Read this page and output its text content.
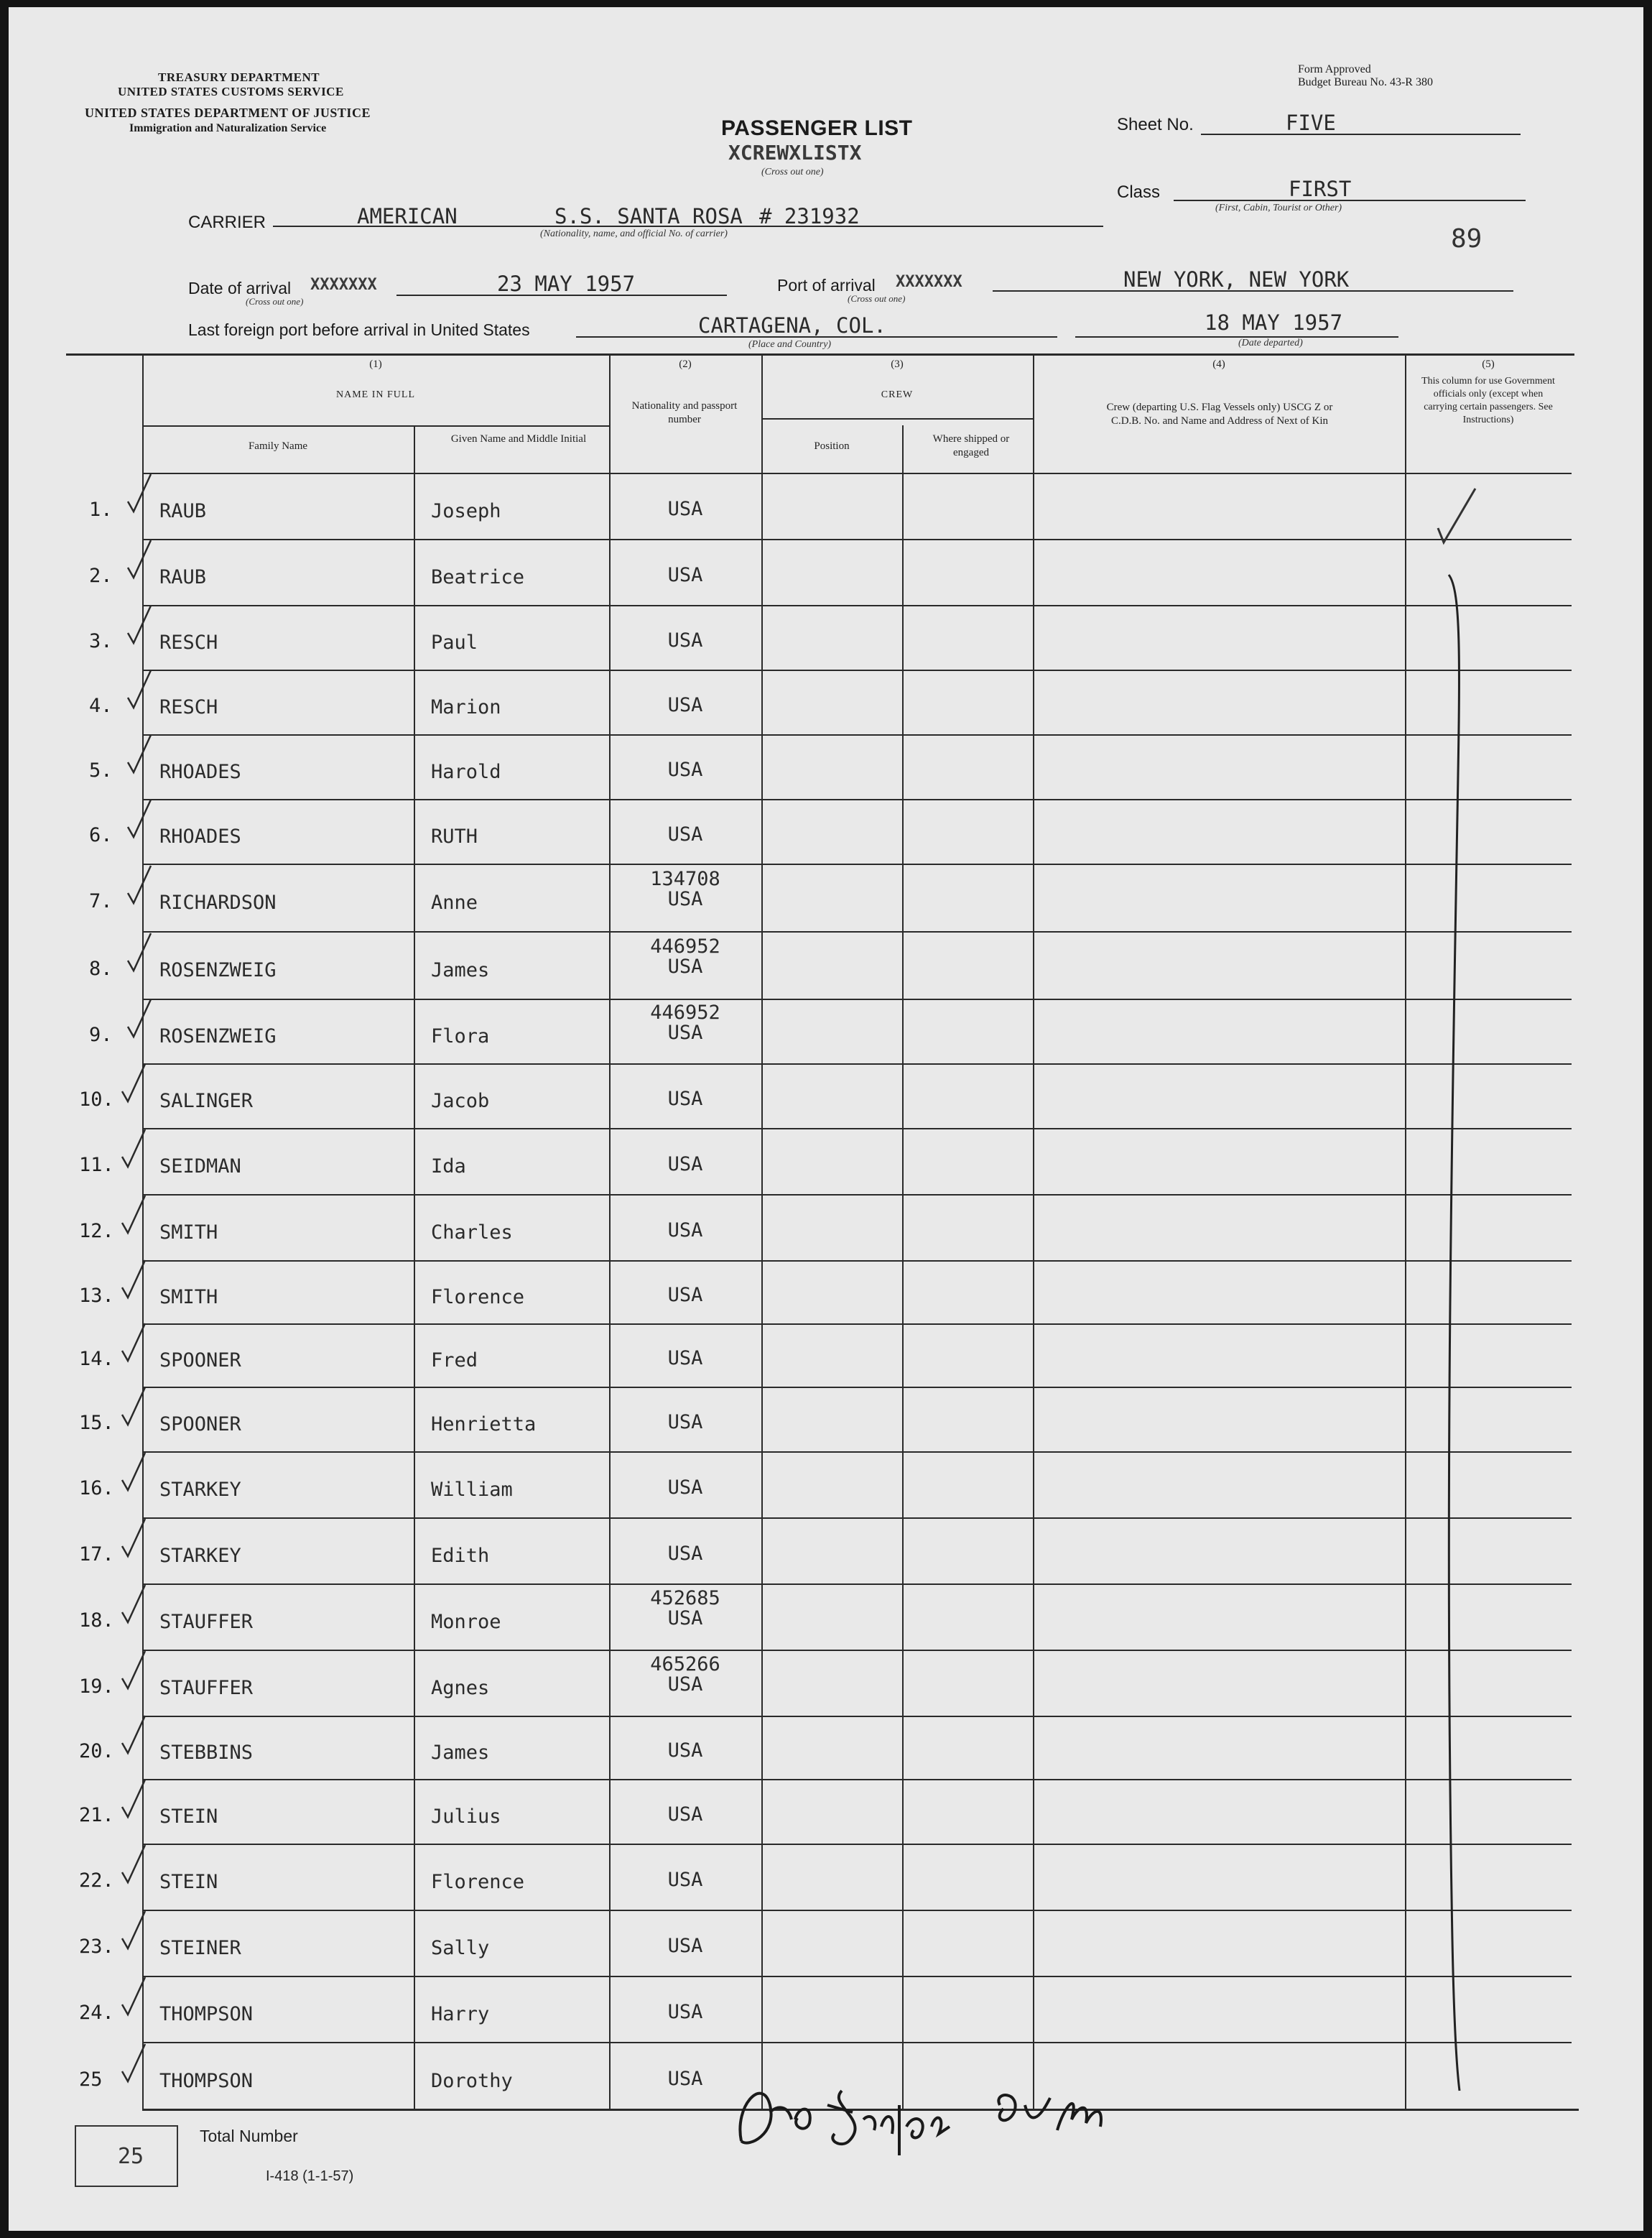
TREASURY DEPARTMENT
UNITED STATES CUSTOMS SERVICE
UNITED STATES DEPARTMENT OF JUSTICE
Immigration and Naturalization Service
Form Approved
Budget Bureau No. 43-R 380
PASSENGER LIST
XCREWXLISTX
(Cross out one)
Sheet No.	FIVE
Class	FIRST
(First, Cabin, Tourist or Other)
89
CARRIER	AMERICAN	S.S. SANTA ROSA # 231932
(Nationality, name, and official No. of carrier)
Date of arrival XXXXXXX
(Cross out one)
23 MAY 1957	Port of arrival XXXXXXX
(Cross out one)
NEW YORK, NEW YORK
Last foreign port before arrival in United States	CARTAGENA, COL.
(Place and Country)
18 MAY 1957
(Date departed)
(1)
NAME IN FULL
Family Name
Given Name and Middle Initial
(2)
Nationality and passport number
(3)
CREW
Position
Where shipped or engaged
(4)
Crew (departing U.S. Flag Vessels only) USCG Z or C.D.B. No. and Name and Address of Next of Kin
(5)
This column for use Government officials only (except when carrying certain passengers. See Instructions)
1. RAUB	Joseph	USA
2. RAUB	Beatrice	USA
3. RESCH	Paul	USA
4. RESCH	Marion	USA
5. RHOADES	Harold	USA
6. RHOADES	RUTH	USA
7. RICHARDSON	Anne
134708
USA
8. ROSENZWEIG	James
446952
USA
9. ROSENZWEIG	Flora
446952
USA
10. SALINGER	Jacob	USA
11. SEIDMAN	Ida	USA
12. SMITH	Charles	USA
13. SMITH	Florence	USA
14. SPOONER	Fred	USA
15. SPOONER	Henrietta	USA
16. STARKEY	William	USA
17. STARKEY	Edith	USA
18. STAUFFER	Monroe
452685
USA
19. STAUFFER	Agnes
465266
USA
20. STEBBINS	James	USA
21. STEIN	Julius	USA
22. STEIN	Florence	USA
23. STEINER	Sally	USA
24. THOMPSON	Harry	USA
25	THOMPSON	Dorothy	USA
25
Total Number
I-418 (1-1-57)
